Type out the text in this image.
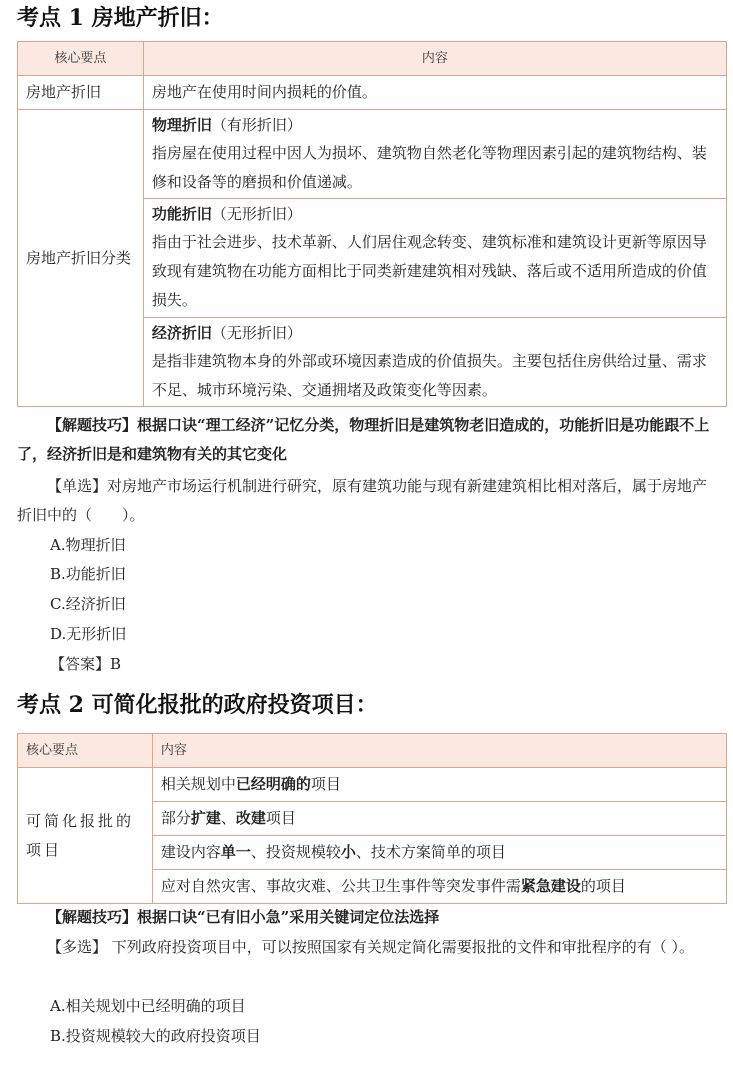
考点 1 房地产折旧：
核心要点	内容

房地产折旧	房地产在使用时间内损耗的价值。

房地产折旧分类	物理折旧（有形折旧）
指房屋在使用过程中因人为损坏、建筑物自然老化等物理因素引起的建筑物结构、装修和设备等的磨损和价值递减。

	功能折旧（无形折旧）
指由于社会进步、技术革新、人们居住观念转变、建筑标准和建筑设计更新等原因导致现有建筑物在功能方面相比于同类新建建筑相对残缺、落后或不适用所造成的价值损失。

	经济折旧（无形折旧）
是指非建筑物本身的外部或环境因素造成的价值损失。主要包括住房供给过量、需求不足、城市环境污染、交通拥堵及政策变化等因素。
【解题技巧】根据口诀“理工经济”记忆分类，物理折旧是建筑物老旧造成的，功能折旧是功能跟不上了，经济折旧是和建筑物有关的其它变化
【单选】对房地产市场运行机制进行研究，原有建筑功能与现有新建建筑相比相对落后，属于房地产折旧中的（　　）。
A.物理折旧
B.功能折旧
C.经济折旧
D.无形折旧
【答案】B
考点 2 可简化报批的政府投资项目：
核心要点	内容

可简化报批的项目	相关规划中已经明确的项目

	部分扩建、改建项目

	建设内容单一、投资规模较小、技术方案简单的项目

	应对自然灾害、事故灾难、公共卫生事件等突发事件需紧急建设的项目
【解题技巧】根据口诀“已有旧小急”采用关键词定位法选择
【多选】 下列政府投资项目中，可以按照国家有关规定简化需要报批的文件和审批程序的有（ ）。
A.相关规划中已经明确的项目
B.投资规模较大的政府投资项目
